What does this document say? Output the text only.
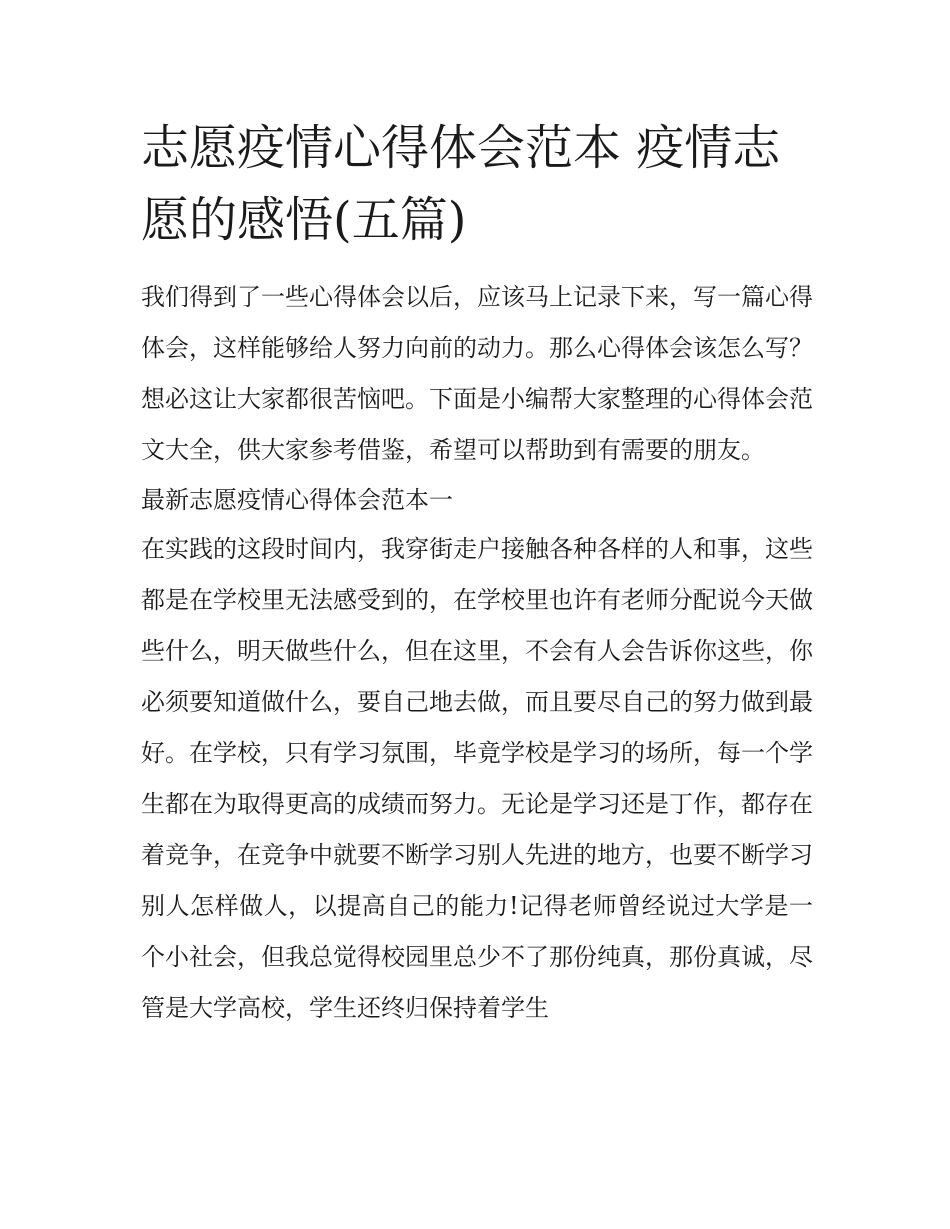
志愿疫情心得体会范本 疫情志愿的感悟(五篇)

我们得到了一些心得体会以后，应该马上记录下来，写一篇心得体会，这样能够给人努力向前的动力。那么心得体会该怎么写？想必这让大家都很苦恼吧。下面是小编帮大家整理的心得体会范文大全，供大家参考借鉴，希望可以帮助到有需要的朋友。

最新志愿疫情心得体会范本一

在实践的这段时间内，我穿街走户接触各种各样的人和事，这些都是在学校里无法感受到的，在学校里也许有老师分配说今天做些什么，明天做些什么，但在这里，不会有人会告诉你这些，你必须要知道做什么，要自己地去做，而且要尽自己的努力做到最好。在学校，只有学习氛围，毕竟学校是学习的场所，每一个学生都在为取得更高的成绩而努力。无论是学习还是丁作，都存在着竞争，在竞争中就要不断学习别人先进的地方，也要不断学习别人怎样做人，以提高自己的能力!记得老师曾经说过大学是一个小社会，但我总觉得校园里总少不了那份纯真，那份真诚，尽管是大学高校，学生还终归保持着学生
